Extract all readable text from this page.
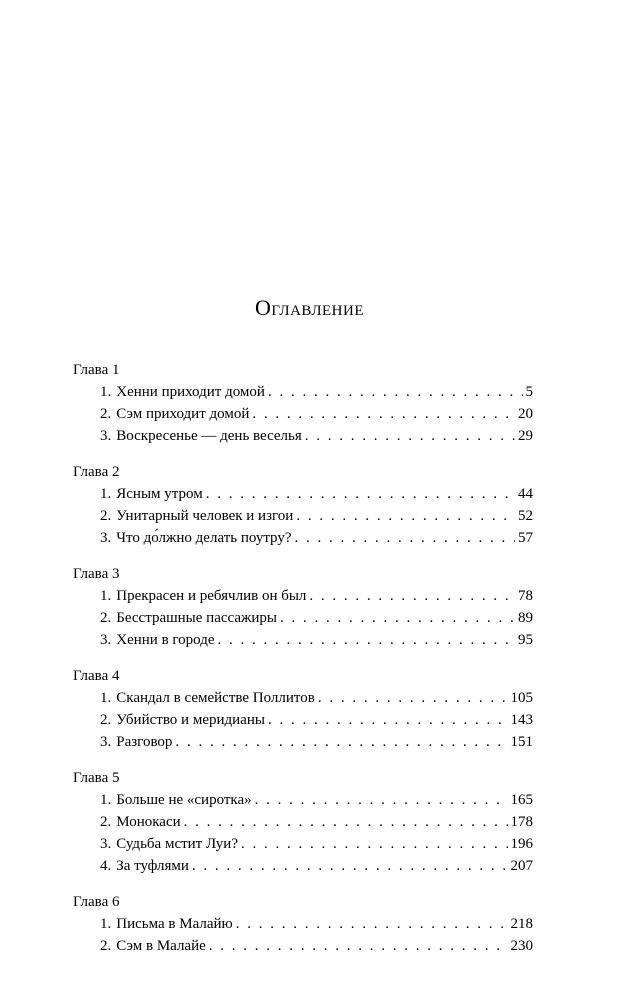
Оглавление
Глава 1
1. Хенни приходит домой . . .	5
2. Сэм приходит домой . . .	20
3. Воскресенье — день веселья . . .	29
Глава 2
1. Ясным утром . . .	44
2. Унитарный человек и изгои . . .	52
3. Что до́лжно делать поутру? . . .	57
Глава 3
1. Прекрасен и ребячлив он был . . .	78
2. Бесстрашные пассажиры . . .	89
3. Хенни в городе . . .	95
Глава 4
1. Скандал в семействе Поллитов . . .	105
2. Убийство и меридианы . . .	143
3. Разговор . . .	151
Глава 5
1. Больше не «сиротка» . . .	165
2. Монокаси . . .	178
3. Судьба мстит Луи? . . .	196
4. За туфлями . . .	207
Глава 6
1. Письма в Малайю . . .	218
2. Сэм в Малайе . . .	230
